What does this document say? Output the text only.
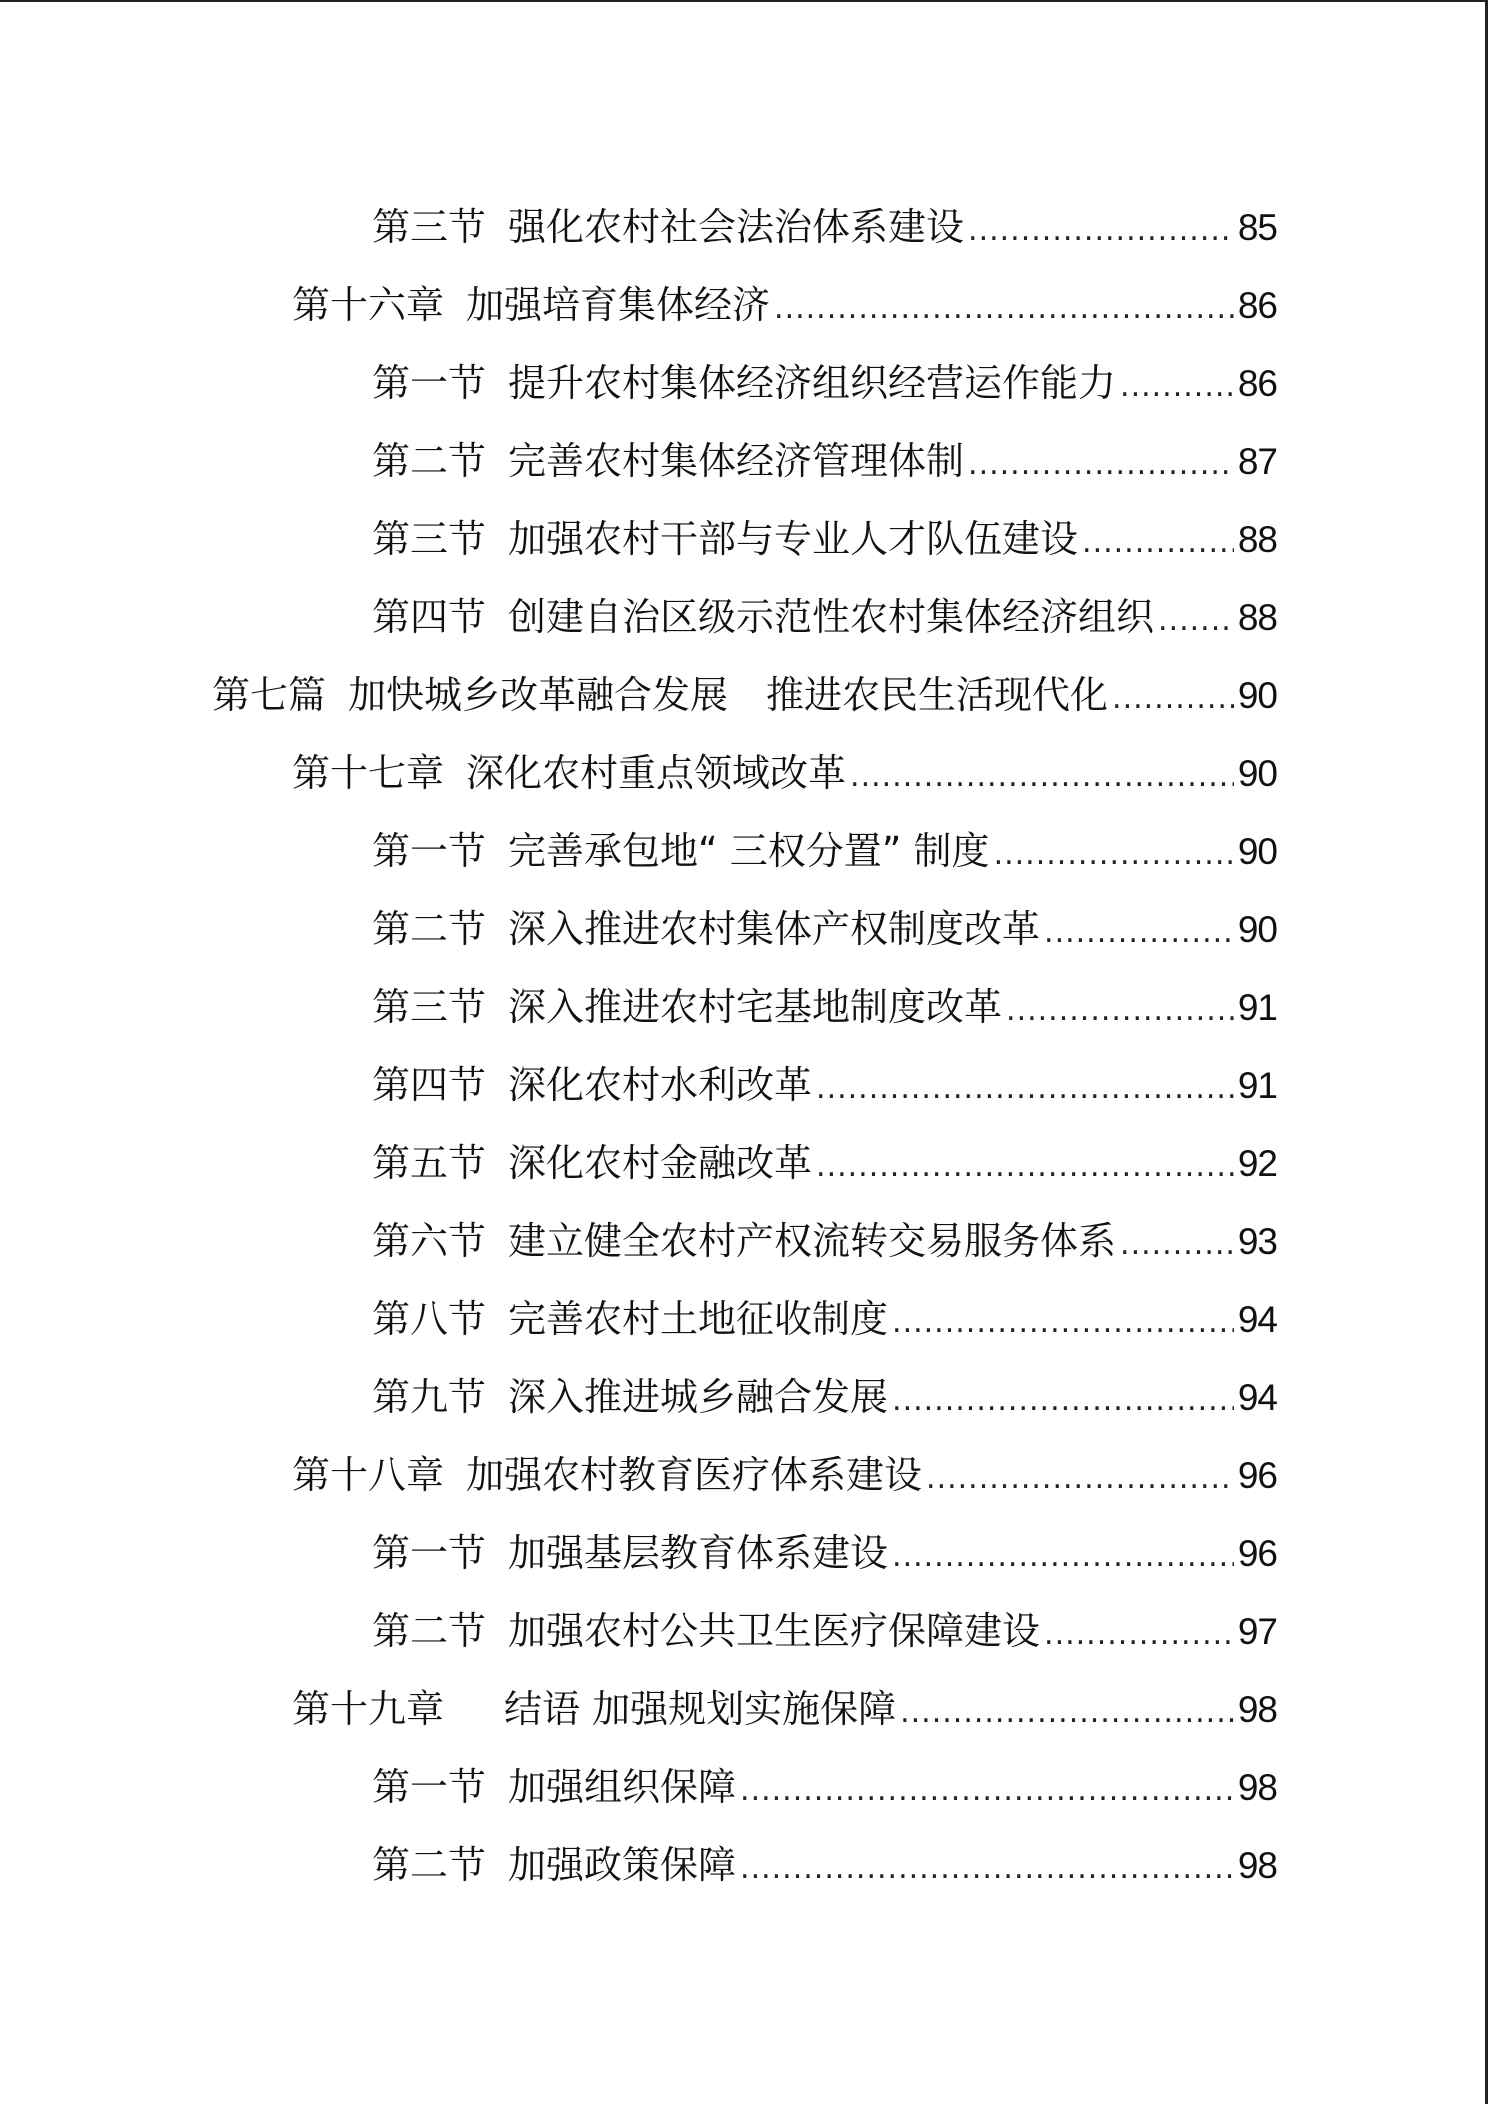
第三节 强化农村社会法治体系建设 .....	85
第十六章 加强培育集体经济 .....	86
第一节 提升农村集体经济组织经营运作能力 .....	86
第二节 完善农村集体经济管理体制 .....	87
第三节 加强农村干部与专业人才队伍建设 .....	88
第四节 创建自治区级示范性农村集体经济组织 ..... 88
第七篇 加快城乡改革融合发展　推进农民生活现代化 .....	90
第十七章 深化农村重点领域改革 .....	90
第一节 完善承包地“ 三权分置” 制度 .....	90
第二节 深入推进农村集体产权制度改革 .....	90
第三节 深入推进农村宅基地制度改革 .....	91
第四节 深化农村水利改革 .....	91
第五节 深化农村金融改革 .....	92
第六节 建立健全农村产权流转交易服务体系 .....	93
第八节 完善农村土地征收制度 .....	94
第九节 深入推进城乡融合发展 .....	94
第十八章 加强农村教育医疗体系建设 .....	96
第一节 加强基层教育体系建设 .....	96
第二节 加强农村公共卫生医疗保障建设 .....	97
第十九章 　结语 加强规划实施保障 .....	98
第一节 加强组织保障 .....	98
第二节 加强政策保障 .....	98
